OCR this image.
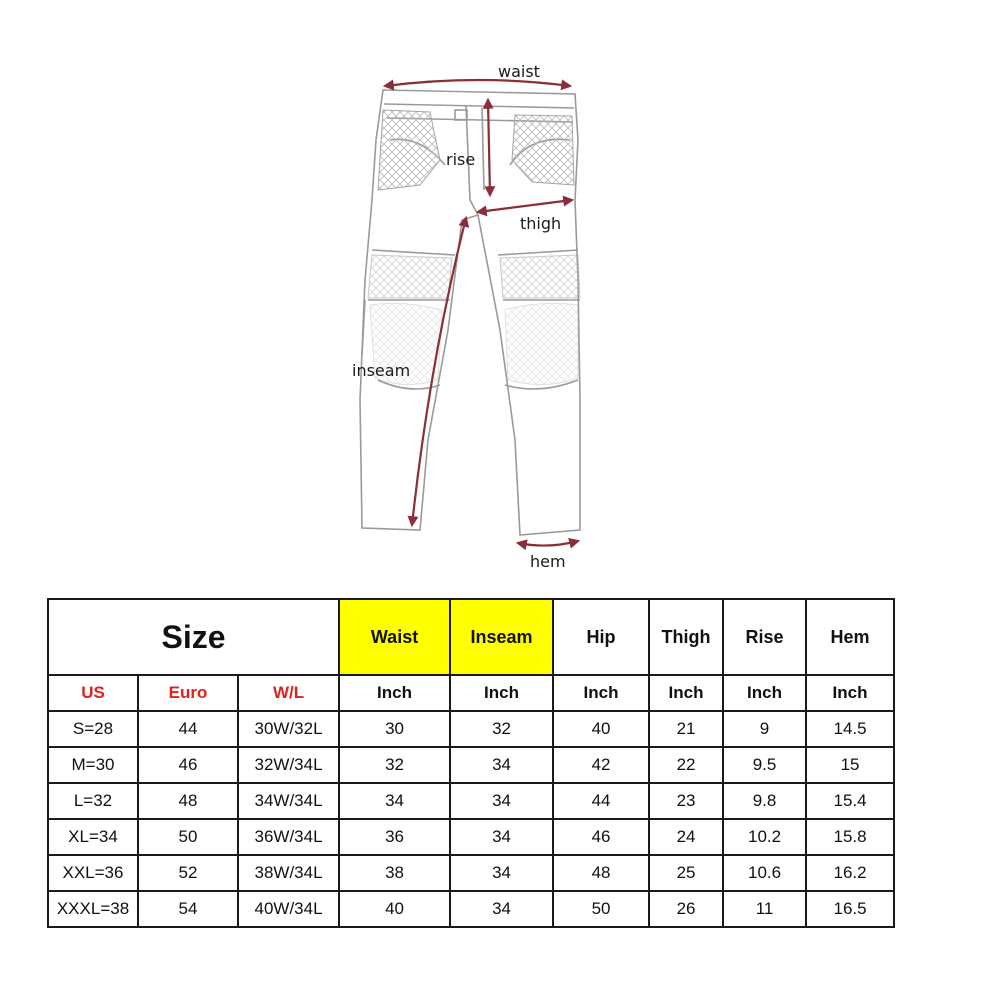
waist
rise
thigh
inseam
hem
Size			Waist	Inseam	Hip	Thigh	Rise	Hem
US	Euro	W/L	Inch	Inch	Inch	Inch	Inch	Inch
S=28	44	30W/32L	30	32	40	21	9	14.5
M=30	46	32W/34L	32	34	42	22	9.5	15
L=32	48	34W/34L	34	34	44	23	9.8	15.4
XL=34	50	36W/34L	36	34	46	24	10.2	15.8
XXL=36	52	38W/34L	38	34	48	25	10.6	16.2
XXXL=38	54	40W/34L	40	34	50	26	11	16.5
